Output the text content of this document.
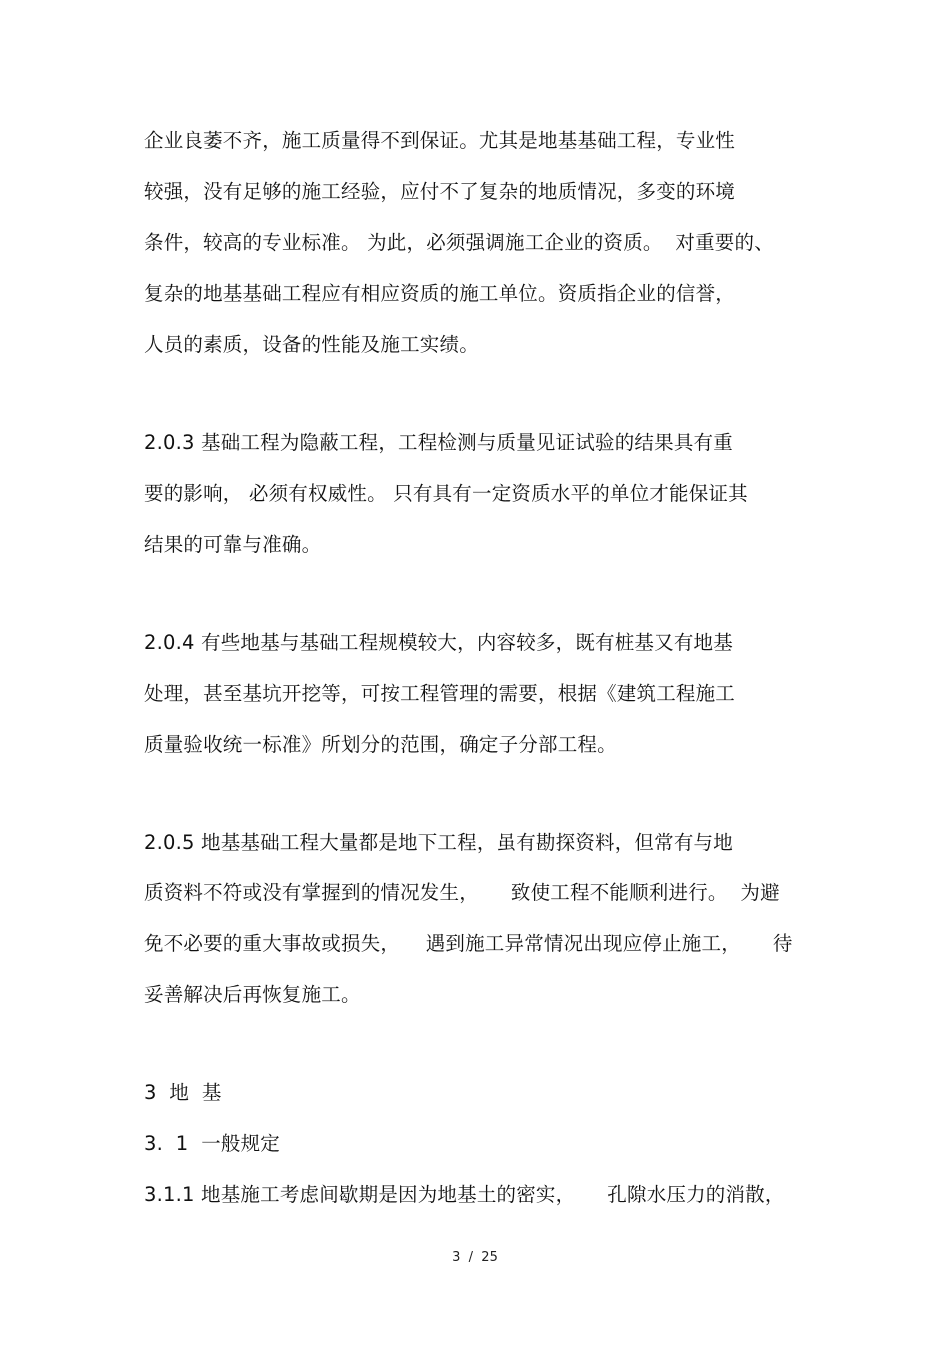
企业良萎不齐，施工质量得不到保证。尤其是地基基础工程，专业性
较强，没有足够的施工经验，应付不了复杂的地质情况，多变的环境
条件，较高的专业标准。 为此，必须强调施工企业的资质。  对重要的、
复杂的地基基础工程应有相应资质的施工单位。资质指企业的信誉，
人员的素质，设备的性能及施工实绩。
2.0.3 基础工程为隐蔽工程，工程检测与质量见证试验的结果具有重
要的影响， 必须有权威性。 只有具有一定资质水平的单位才能保证其
结果的可靠与准确。
2.0.4 有些地基与基础工程规模较大，内容较多，既有桩基又有地基
处理，甚至基坑开挖等，可按工程管理的需要，根据《建筑工程施工
质量验收统一标准》所划分的范围，确定子分部工程。
2.0.5 地基基础工程大量都是地下工程，虽有勘探资料，但常有与地
质资料不符或没有掌握到的情况发生，     致使工程不能顺利进行。  为避
免不必要的重大事故或损失，    遇到施工异常情况出现应停止施工，     待
妥善解决后再恢复施工。
3  地  基
3.  1  一般规定
3.1.1 地基施工考虑间歇期是因为地基土的密实，     孔隙水压力的消散，
3  /  25
